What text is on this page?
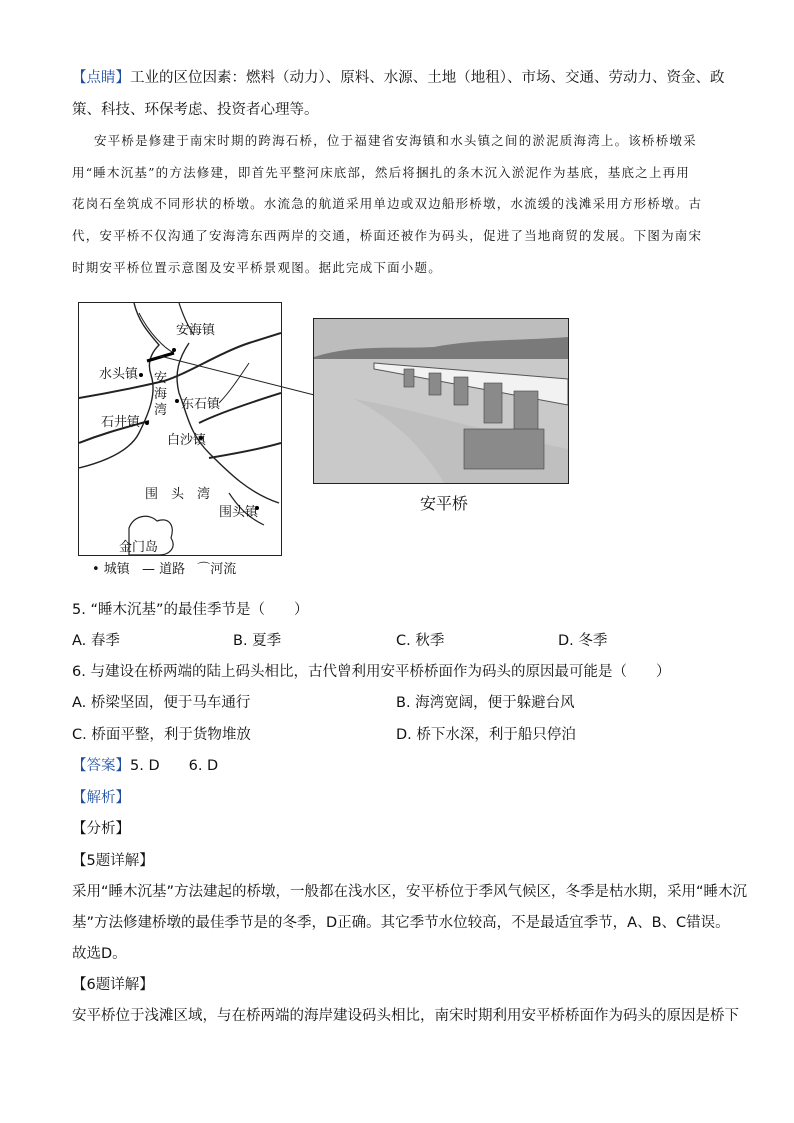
【点睛】工业的区位因素：燃料（动力）、原料、水源、土地（地租）、市场、交通、劳动力、资金、政
策、科技、环保考虑、投资者心理等。
安平桥是修建于南宋时期的跨海石桥，位于福建省安海镇和水头镇之间的淤泥质海湾上。该桥桥墩采
用“睡木沉基”的方法修建，即首先平整河床底部，然后将捆扎的条木沉入淤泥作为基底，基底之上再用
花岗石垒筑成不同形状的桥墩。水流急的航道采用单边或双边船形桥墩，水流缓的浅滩采用方形桥墩。古
代，安平桥不仅沟通了安海湾东西两岸的交通，桥面还被作为码头，促进了当地商贸的发展。下图为南宋
时期安平桥位置示意图及安平桥景观图。据此完成下面小题。
安海镇
水头镇 安
海
湾 东石镇
石井镇
白沙镇
围　头　湾
围头镇
金门岛
安平桥
• 城镇 — 道路 ⌒河流
5. “睡木沉基”的最佳季节是（　　）
A. 春季	B. 夏季	C. 秋季	D. 冬季
6. 与建设在桥两端的陆上码头相比，古代曾利用安平桥桥面作为码头的原因最可能是（　　）
A. 桥梁坚固，便于马车通行	B. 海湾宽阔，便于躲避台风
C. 桥面平整，利于货物堆放	D. 桥下水深，利于船只停泊
【答案】5. D　　6. D
【解析】
【分析】
【5题详解】
采用“睡木沉基”方法建起的桥墩，一般都在浅水区，安平桥位于季风气候区，冬季是枯水期，采用“睡木沉
基”方法修建桥墩的最佳季节是的冬季，D正确。其它季节水位较高，不是最适宜季节，A、B、C错误。
故选D。
【6题详解】
安平桥位于浅滩区域，与在桥两端的海岸建设码头相比，南宋时期利用安平桥桥面作为码头的原因是桥下
